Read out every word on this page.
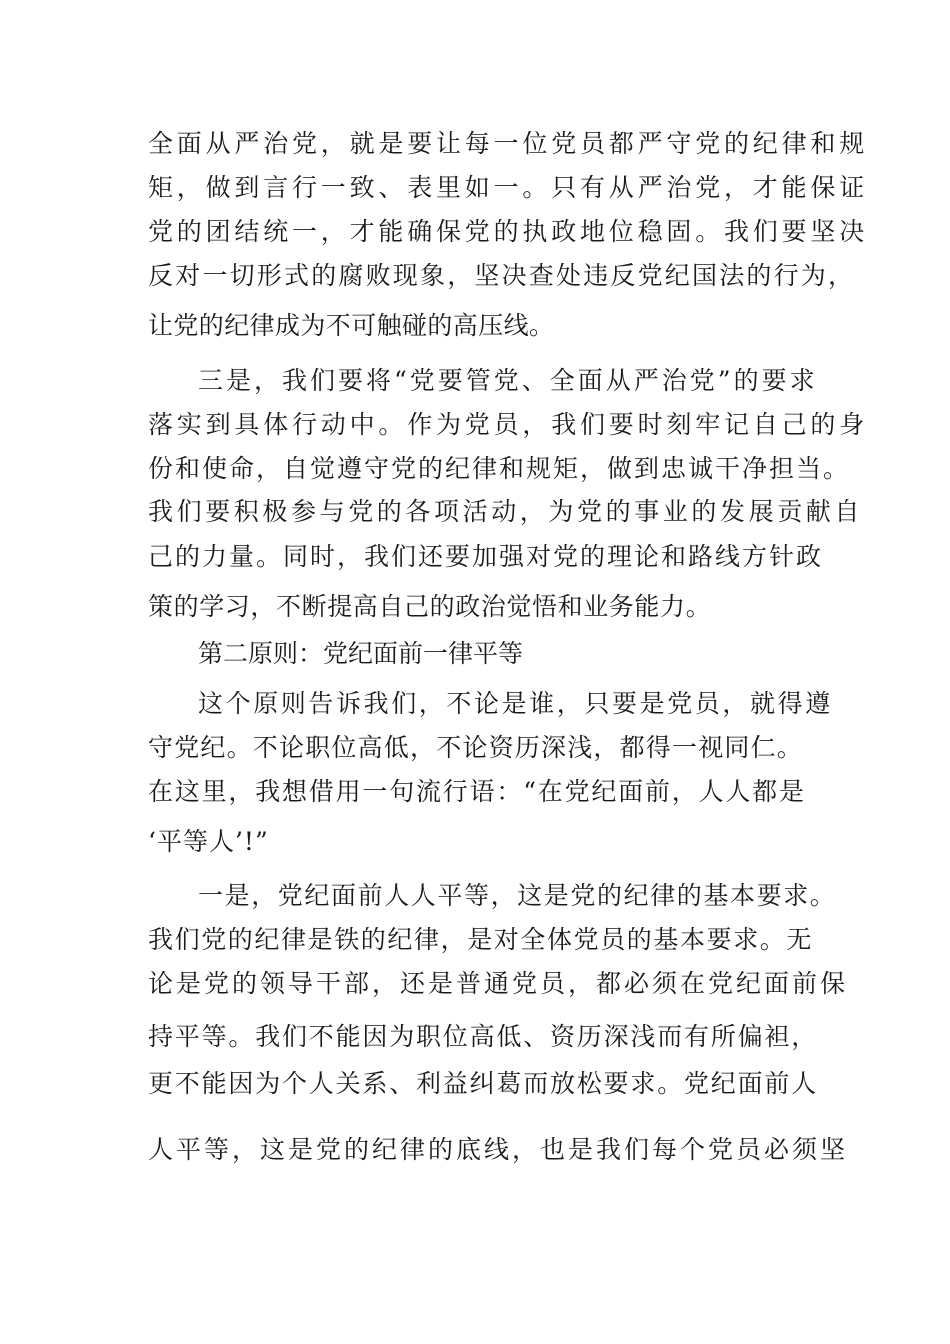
全面从严治党，就是要让每一位党员都严守党的纪律和规

矩，做到言行一致、表里如一。只有从严治党，才能保证

党的团结统一，才能确保党的执政地位稳固。我们要坚决

反对一切形式的腐败现象，坚决查处违反党纪国法的行为，

让党的纪律成为不可触碰的高压线。

三是，我们要将“党要管党、全面从严治党”的要求

落实到具体行动中。作为党员，我们要时刻牢记自己的身

份和使命，自觉遵守党的纪律和规矩，做到忠诚干净担当。

我们要积极参与党的各项活动，为党的事业的发展贡献自

己的力量。同时，我们还要加强对党的理论和路线方针政

策的学习，不断提高自己的政治觉悟和业务能力。

第二原则：党纪面前一律平等

这个原则告诉我们，不论是谁，只要是党员，就得遵

守党纪。不论职位高低，不论资历深浅，都得一视同仁。

在这里，我想借用一句流行语：“在党纪面前，人人都是

‘平等人’!”

一是，党纪面前人人平等，这是党的纪律的基本要求。

我们党的纪律是铁的纪律，是对全体党员的基本要求。无

论是党的领导干部，还是普通党员，都必须在党纪面前保

持平等。我们不能因为职位高低、资历深浅而有所偏袒，

更不能因为个人关系、利益纠葛而放松要求。党纪面前人

人平等，这是党的纪律的底线，也是我们每个党员必须坚
